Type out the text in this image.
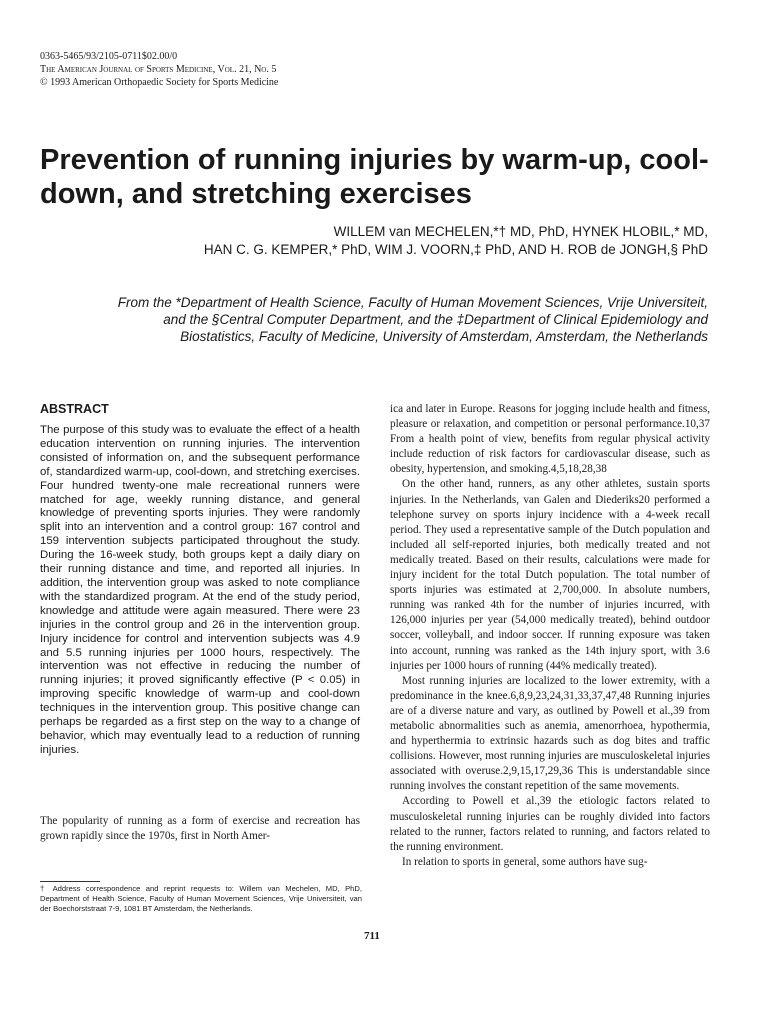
0363-5465/93/2105-0711$02.00/0
The American Journal of Sports Medicine, Vol. 21, No. 5
© 1993 American Orthopaedic Society for Sports Medicine
Prevention of running injuries by warm-up, cool-down, and stretching exercises
WILLEM van MECHELEN,*† MD, PhD, HYNEK HLOBIL,* MD,
HAN C. G. KEMPER,* PhD, WIM J. VOORN,‡ PhD, AND H. ROB de JONGH,§ PhD
From the *Department of Health Science, Faculty of Human Movement Sciences, Vrije Universiteit, and the §Central Computer Department, and the ‡Department of Clinical Epidemiology and Biostatistics, Faculty of Medicine, University of Amsterdam, Amsterdam, the Netherlands
ABSTRACT

The purpose of this study was to evaluate the effect of a health education intervention on running injuries. The intervention consisted of information on, and the subsequent performance of, standardized warm-up, cool-down, and stretching exercises. Four hundred twenty-one male recreational runners were matched for age, weekly running distance, and general knowledge of preventing sports injuries. They were randomly split into an intervention and a control group: 167 control and 159 intervention subjects participated throughout the study. During the 16-week study, both groups kept a daily diary on their running distance and time, and reported all injuries. In addition, the intervention group was asked to note compliance with the standardized program. At the end of the study period, knowledge and attitude were again measured. There were 23 injuries in the control group and 26 in the intervention group. Injury incidence for control and intervention subjects was 4.9 and 5.5 running injuries per 1000 hours, respectively. The intervention was not effective in reducing the number of running injuries; it proved significantly effective (P < 0.05) in improving specific knowledge of warm-up and cool-down techniques in the intervention group. This positive change can perhaps be regarded as a first step on the way to a change of behavior, which may eventually lead to a reduction of running injuries.

The popularity of running as a form of exercise and recreation has grown rapidly since the 1970s, first in North Amer-

ica and later in Europe. Reasons for jogging include health and fitness, pleasure or relaxation, and competition or personal performance.10,37 From a health point of view, benefits from regular physical activity include reduction of risk factors for cardiovascular disease, such as obesity, hypertension, and smoking.4,5,18,28,38

On the other hand, runners, as any other athletes, sustain sports injuries. In the Netherlands, van Galen and Diederiks20 performed a telephone survey on sports injury incidence with a 4-week recall period. They used a representative sample of the Dutch population and included all self-reported injuries, both medically treated and not medically treated. Based on their results, calculations were made for injury incident for the total Dutch population. The total number of sports injuries was estimated at 2,700,000. In absolute numbers, running was ranked 4th for the number of injuries incurred, with 126,000 injuries per year (54,000 medically treated), behind outdoor soccer, volleyball, and indoor soccer. If running exposure was taken into account, running was ranked as the 14th injury sport, with 3.6 injuries per 1000 hours of running (44% medically treated).

Most running injuries are localized to the lower extremity, with a predominance in the knee.6,8,9,23,24,31,33,37,47,48 Running injuries are of a diverse nature and vary, as outlined by Powell et al.,39 from metabolic abnormalities such as anemia, amenorrhoea, hypothermia, and hyperthermia to extrinsic hazards such as dog bites and traffic collisions. However, most running injuries are musculoskeletal injuries associated with overuse.2,9,15,17,29,36 This is understandable since running involves the constant repetition of the same movements.

According to Powell et al.,39 the etiologic factors related to musculoskeletal running injuries can be roughly divided into factors related to the runner, factors related to running, and factors related to the running environment.

In relation to sports in general, some authors have sug-

† Address correspondence and reprint requests to: Willem van Mechelen, MD, PhD, Department of Health Science, Faculty of Human Movement Sciences, Vrije Universiteit, van der Boechorststraat 7-9, 1081 BT Amsterdam, the Netherlands.
711
